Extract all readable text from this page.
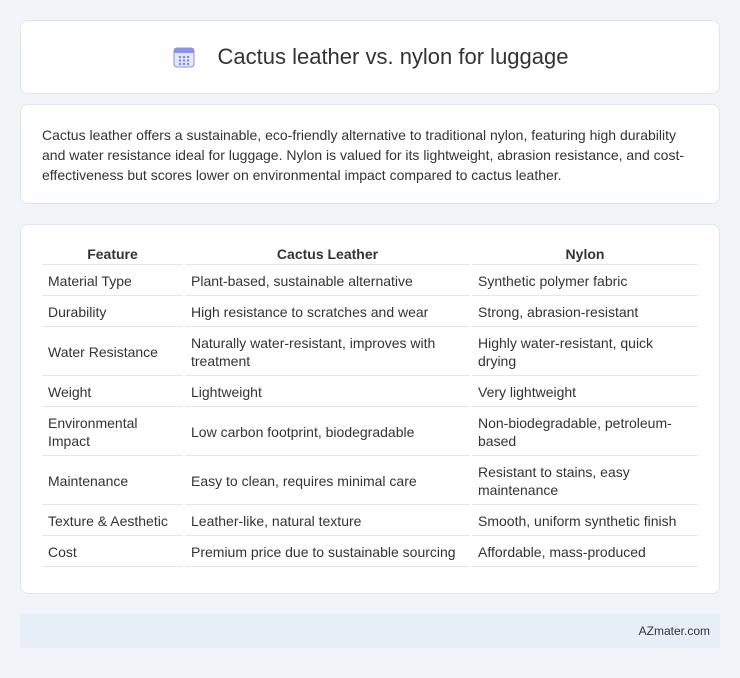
Cactus leather vs. nylon for luggage

Cactus leather offers a sustainable, eco-friendly alternative to traditional nylon, featuring high durability and water resistance ideal for luggage. Nylon is valued for its lightweight, abrasion resistance, and cost-effectiveness but scores lower on environmental impact compared to cactus leather.

Feature	Cactus Leather	Nylon
Material Type	Plant-based, sustainable alternative	Synthetic polymer fabric
Durability	High resistance to scratches and wear	Strong, abrasion-resistant
Water Resistance	Naturally water-resistant, improves with treatment	Highly water-resistant, quick drying
Weight	Lightweight	Very lightweight
Environmental Impact	Low carbon footprint, biodegradable	Non-biodegradable, petroleum-based
Maintenance	Easy to clean, requires minimal care	Resistant to stains, easy maintenance
Texture & Aesthetic	Leather-like, natural texture	Smooth, uniform synthetic finish
Cost	Premium price due to sustainable sourcing	Affordable, mass-produced
AZmater.com
